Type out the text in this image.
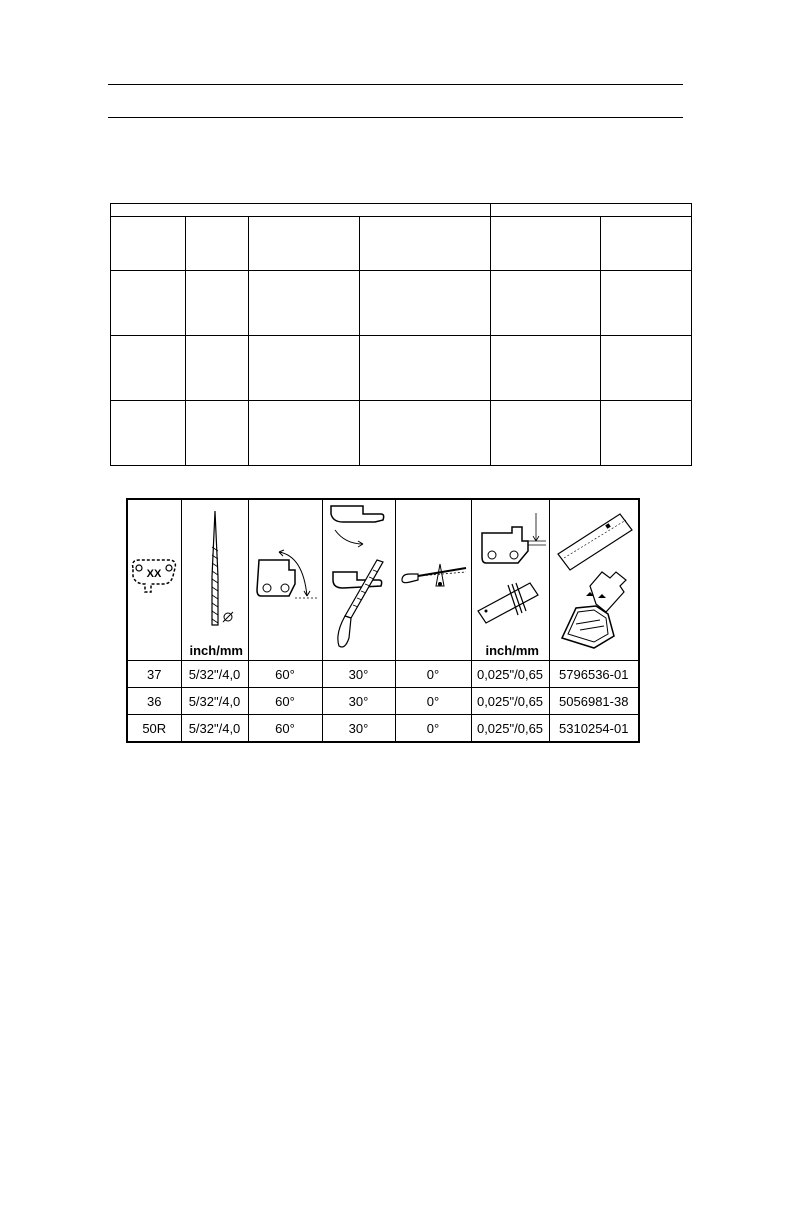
XX	inch/mm				inch/mm

37	5/32"/4,0	60°	30°	0°	0,025"/0,65	5796536-01
36	5/32"/4,0	60°	30°	0°	0,025"/0,65	5056981-38
50R	5/32"/4,0	60°	30°	0°	0,025"/0,65	5310254-01
